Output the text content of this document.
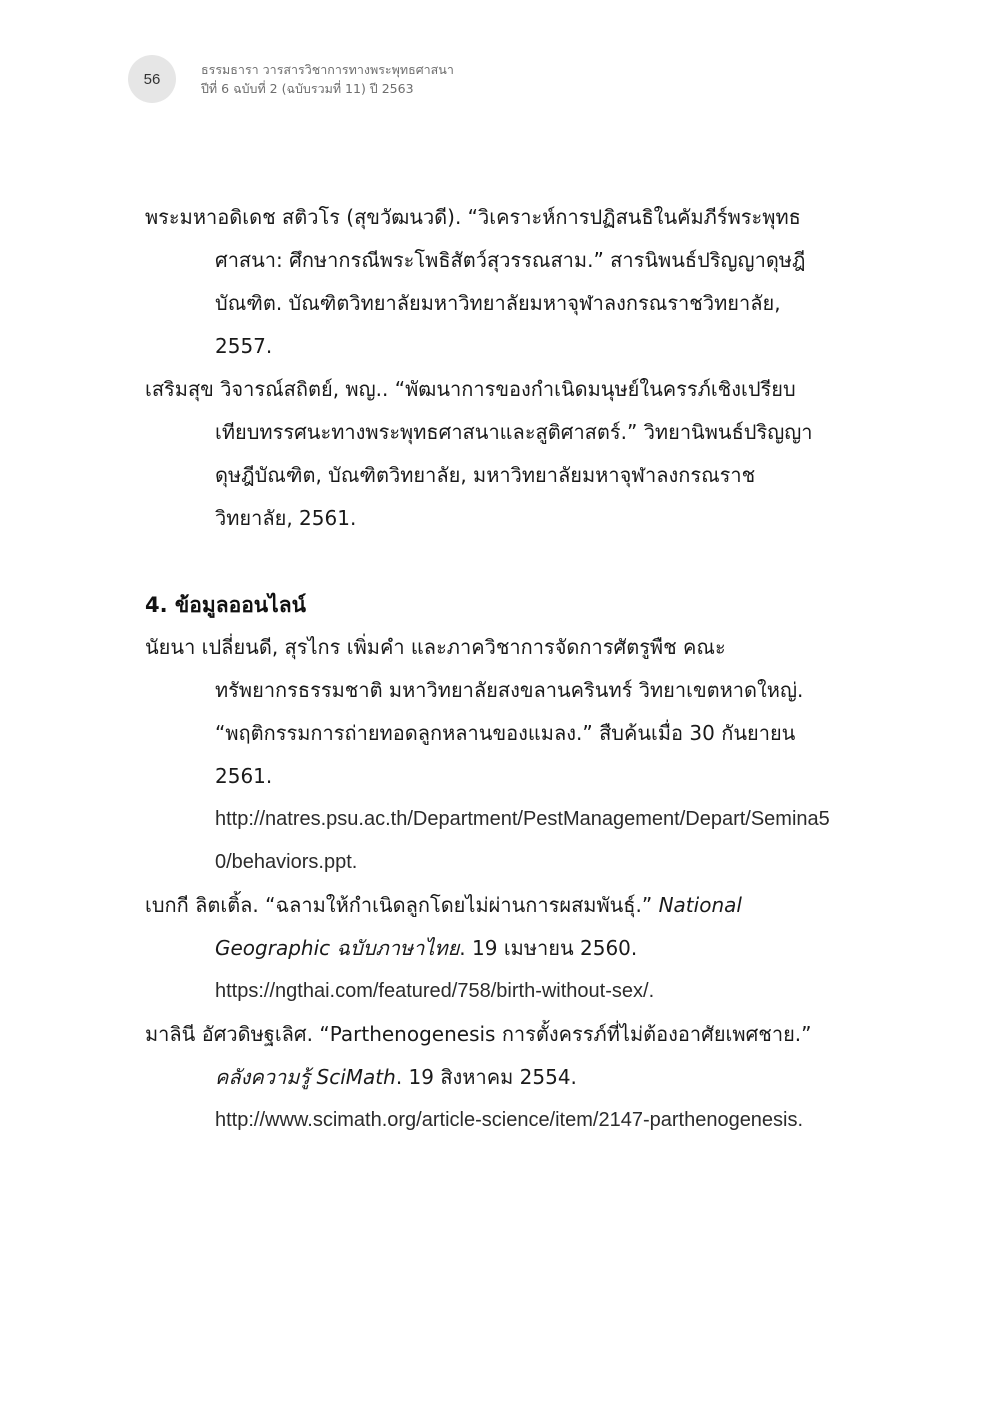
56
ธรรมธารา วารสารวิชาการทางพระพุทธศาสนา
ปีที่ 6 ฉบับที่ 2 (ฉบับรวมที่ 11) ปี 2563
พระมหาอดิเดช สติวโร (สุขวัฒนวดี). “วิเคราะห์การปฏิสนธิในคัมภีร์พระพุทธศาสนา: ศึกษากรณีพระโพธิสัตว์สุวรรณสาม.” สารนิพนธ์ปริญญาดุษฎีบัณฑิต. บัณฑิตวิทยาลัยมหาวิทยาลัยมหาจุฬาลงกรณราชวิทยาลัย, 2557.
เสริมสุข วิจารณ์สถิตย์, พญ.. “พัฒนาการของกำเนิดมนุษย์ในครรภ์เชิงเปรียบเทียบทรรศนะทางพระพุทธศาสนาและสูติศาสตร์.” วิทยานิพนธ์ปริญญาดุษฎีบัณฑิต, บัณฑิตวิทยาลัย, มหาวิทยาลัยมหาจุฬาลงกรณราชวิทยาลัย, 2561.
4. ข้อมูลออนไลน์
นัยนา เปลี่ยนดี, สุรไกร เพิ่มคำ และภาควิชาการจัดการศัตรูพืช คณะทรัพยากรธรรมชาติ มหาวิทยาลัยสงขลานครินทร์ วิทยาเขตหาดใหญ่. “พฤติกรรมการถ่ายทอดลูกหลานของแมลง.” สืบค้นเมื่อ 30 กันยายน 2561.
http://natres.psu.ac.th/Department/PestManagement/Depart/Semina50/behaviors.ppt.
เบกกี ลิตเติ้ล. “ฉลามให้กำเนิดลูกโดยไม่ผ่านการผสมพันธุ์.” National Geographic ฉบับภาษาไทย. 19 เมษายน 2560.
https://ngthai.com/featured/758/birth-without-sex/.
มาลินี อัศวดิษฐเลิศ. “Parthenogenesis การตั้งครรภ์ที่ไม่ต้องอาศัยเพศชาย.” คลังความรู้ SciMath. 19 สิงหาคม 2554.
http://www.scimath.org/article-science/item/2147-parthenogenesis.
